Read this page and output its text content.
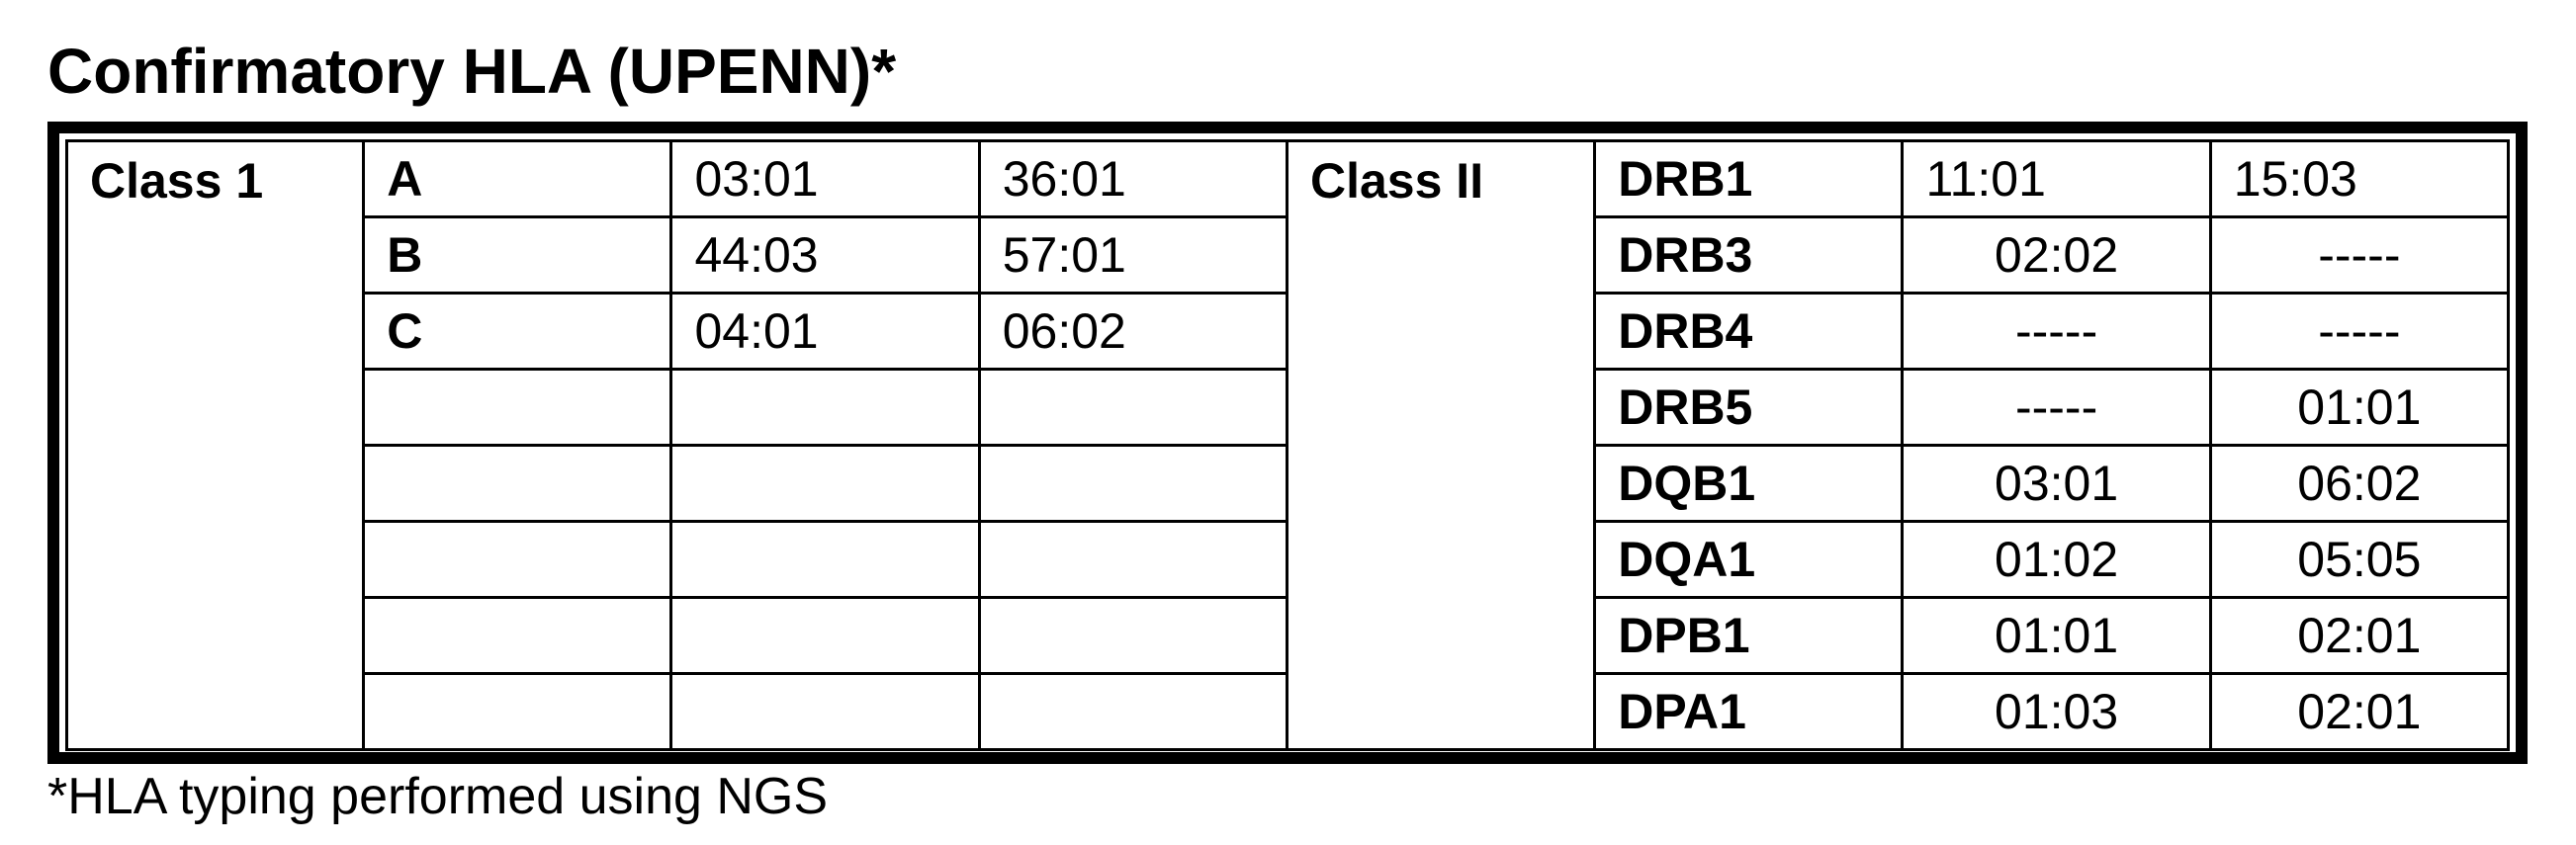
Confirmatory HLA (UPENN)*
Class 1	A	03:01	36:01	Class II	DRB1	11:01	15:03
	B	44:03	57:01		DRB3	02:02	-----
	C	04:01	06:02		DRB4	-----	-----
					DRB5	-----	01:01
					DQB1	03:01	06:02
					DQA1	01:02	05:05
					DPB1	01:01	02:01
					DPA1	01:03	02:01
*HLA typing performed using NGS
